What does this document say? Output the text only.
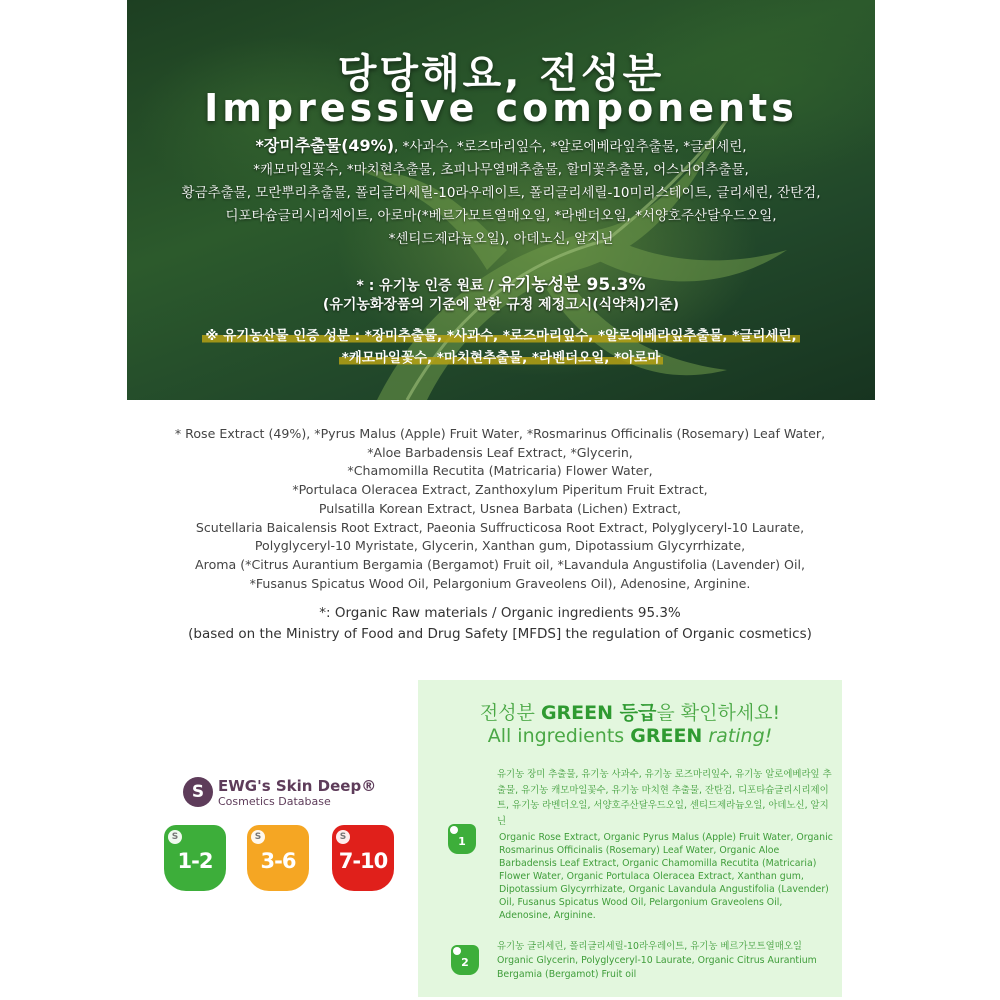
당당해요, 전성분
Impressive components
*장미추출물(49%), *사과수, *로즈마리잎수, *알로에베라잎추출물, *글리세린,
*캐모마일꽃수, *마치현추출물, 초피나무열매추출물, 할미꽃추출물, 어스니어추출물,
황금추출물, 모란뿌리추출물, 폴리글리세릴-10라우레이트, 폴리글리세릴-10미리스테이트, 글리세린, 잔탄검,
디포타슘글리시리제이트, 아로마(*베르가모트열매오일, *라벤더오일, *서양호주산달우드오일,
*센티드제라늄오일), 아데노신, 알지닌
* : 유기농 인증 원료 / 유기농성분 95.3%
(유기농화장품의 기준에 관한 규정 제정고시(식약처)기준)
※ 유기농산물 인증 성분 : *장미추출물, *사과수, *로즈마리잎수, *알로에베라잎추출물, *글리세린,
*캐모마일꽃수, *마치현추출물, *라벤더오일, *아로마
* Rose Extract (49%), *Pyrus Malus (Apple) Fruit Water, *Rosmarinus Officinalis (Rosemary) Leaf Water,
*Aloe Barbadensis Leaf Extract, *Glycerin,
*Chamomilla Recutita (Matricaria) Flower Water,
*Portulaca Oleracea Extract, Zanthoxylum Piperitum Fruit Extract,
Pulsatilla Korean Extract, Usnea Barbata (Lichen) Extract,
Scutellaria Baicalensis Root Extract, Paeonia Suffructicosa Root Extract, Polyglyceryl-10 Laurate,
Polyglyceryl-10 Myristate, Glycerin, Xanthan gum, Dipotassium Glycyrrhizate,
Aroma (*Citrus Aurantium Bergamia (Bergamot) Fruit oil, *Lavandula Angustifolia (Lavender) Oil,
*Fusanus Spicatus Wood Oil, Pelargonium Graveolens Oil), Adenosine, Arginine.
*: Organic Raw materials / Organic ingredients 95.3%
(based on the Ministry of Food and Drug Safety [MFDS] the regulation of Organic cosmetics)
S EWG's Skin Deep®
Cosmetics Database
S
1-2
S
3-6
S
7-10
전성분 GREEN 등급을 확인하세요!
All ingredients GREEN rating!
유기농 장미 추출물, 유기농 사과수, 유기농 로즈마리잎수, 유기농 알로에베라잎 추출물, 유기농 캐모마일꽃수, 유기농 마치현 추출물, 잔탄검, 디포타슘글리시리제이트, 유기농 라벤더오일, 서양호주산달우드오일, 센티드제라늄오일, 아데노신, 알지닌
1	Organic Rose Extract, Organic Pyrus Malus (Apple) Fruit Water, Organic Rosmarinus Officinalis (Rosemary) Leaf Water, Organic Aloe Barbadensis Leaf Extract, Organic Chamomilla Recutita (Matricaria) Flower Water, Organic Portulaca Oleracea Extract, Xanthan gum, Dipotassium Glycyrrhizate, Organic Lavandula Angustifolia (Lavender) Oil, Fusanus Spicatus Wood Oil, Pelargonium Graveolens Oil, Adenosine, Arginine.
유기농 글리세린, 폴리글리세릴-10라우레이트, 유기농 베르가모트열매오일
2	Organic Glycerin, Polyglyceryl-10 Laurate, Organic Citrus Aurantium Bergamia (Bergamot) Fruit oil
